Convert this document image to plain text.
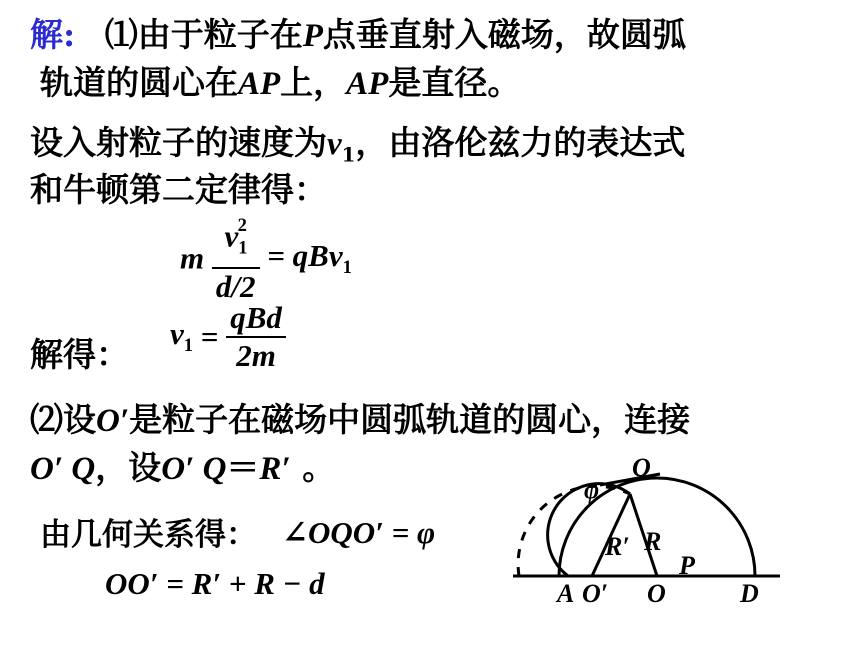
解: ⑴由于粒子在P点垂直射入磁场，故圆弧
轨道的圆心在AP上，AP是直径。
设入射粒子的速度为$v_1$，由洛伦兹力的表达式
和牛顿第二定律得：
m $\frac{v_1^2}{d/2} = qBv_1$
解得：
$v_1 = \frac{\text{qBd}}{2m}$
⑵设O′是粒子在磁场中圆弧轨道的圆心，连接
O′ Q，设O′ Q＝R′ 。
由几何关系得： ∠OQO′ = φ
OO′ = R′ + R − d
Q
φ
R′ R
P
A O′ O	D
